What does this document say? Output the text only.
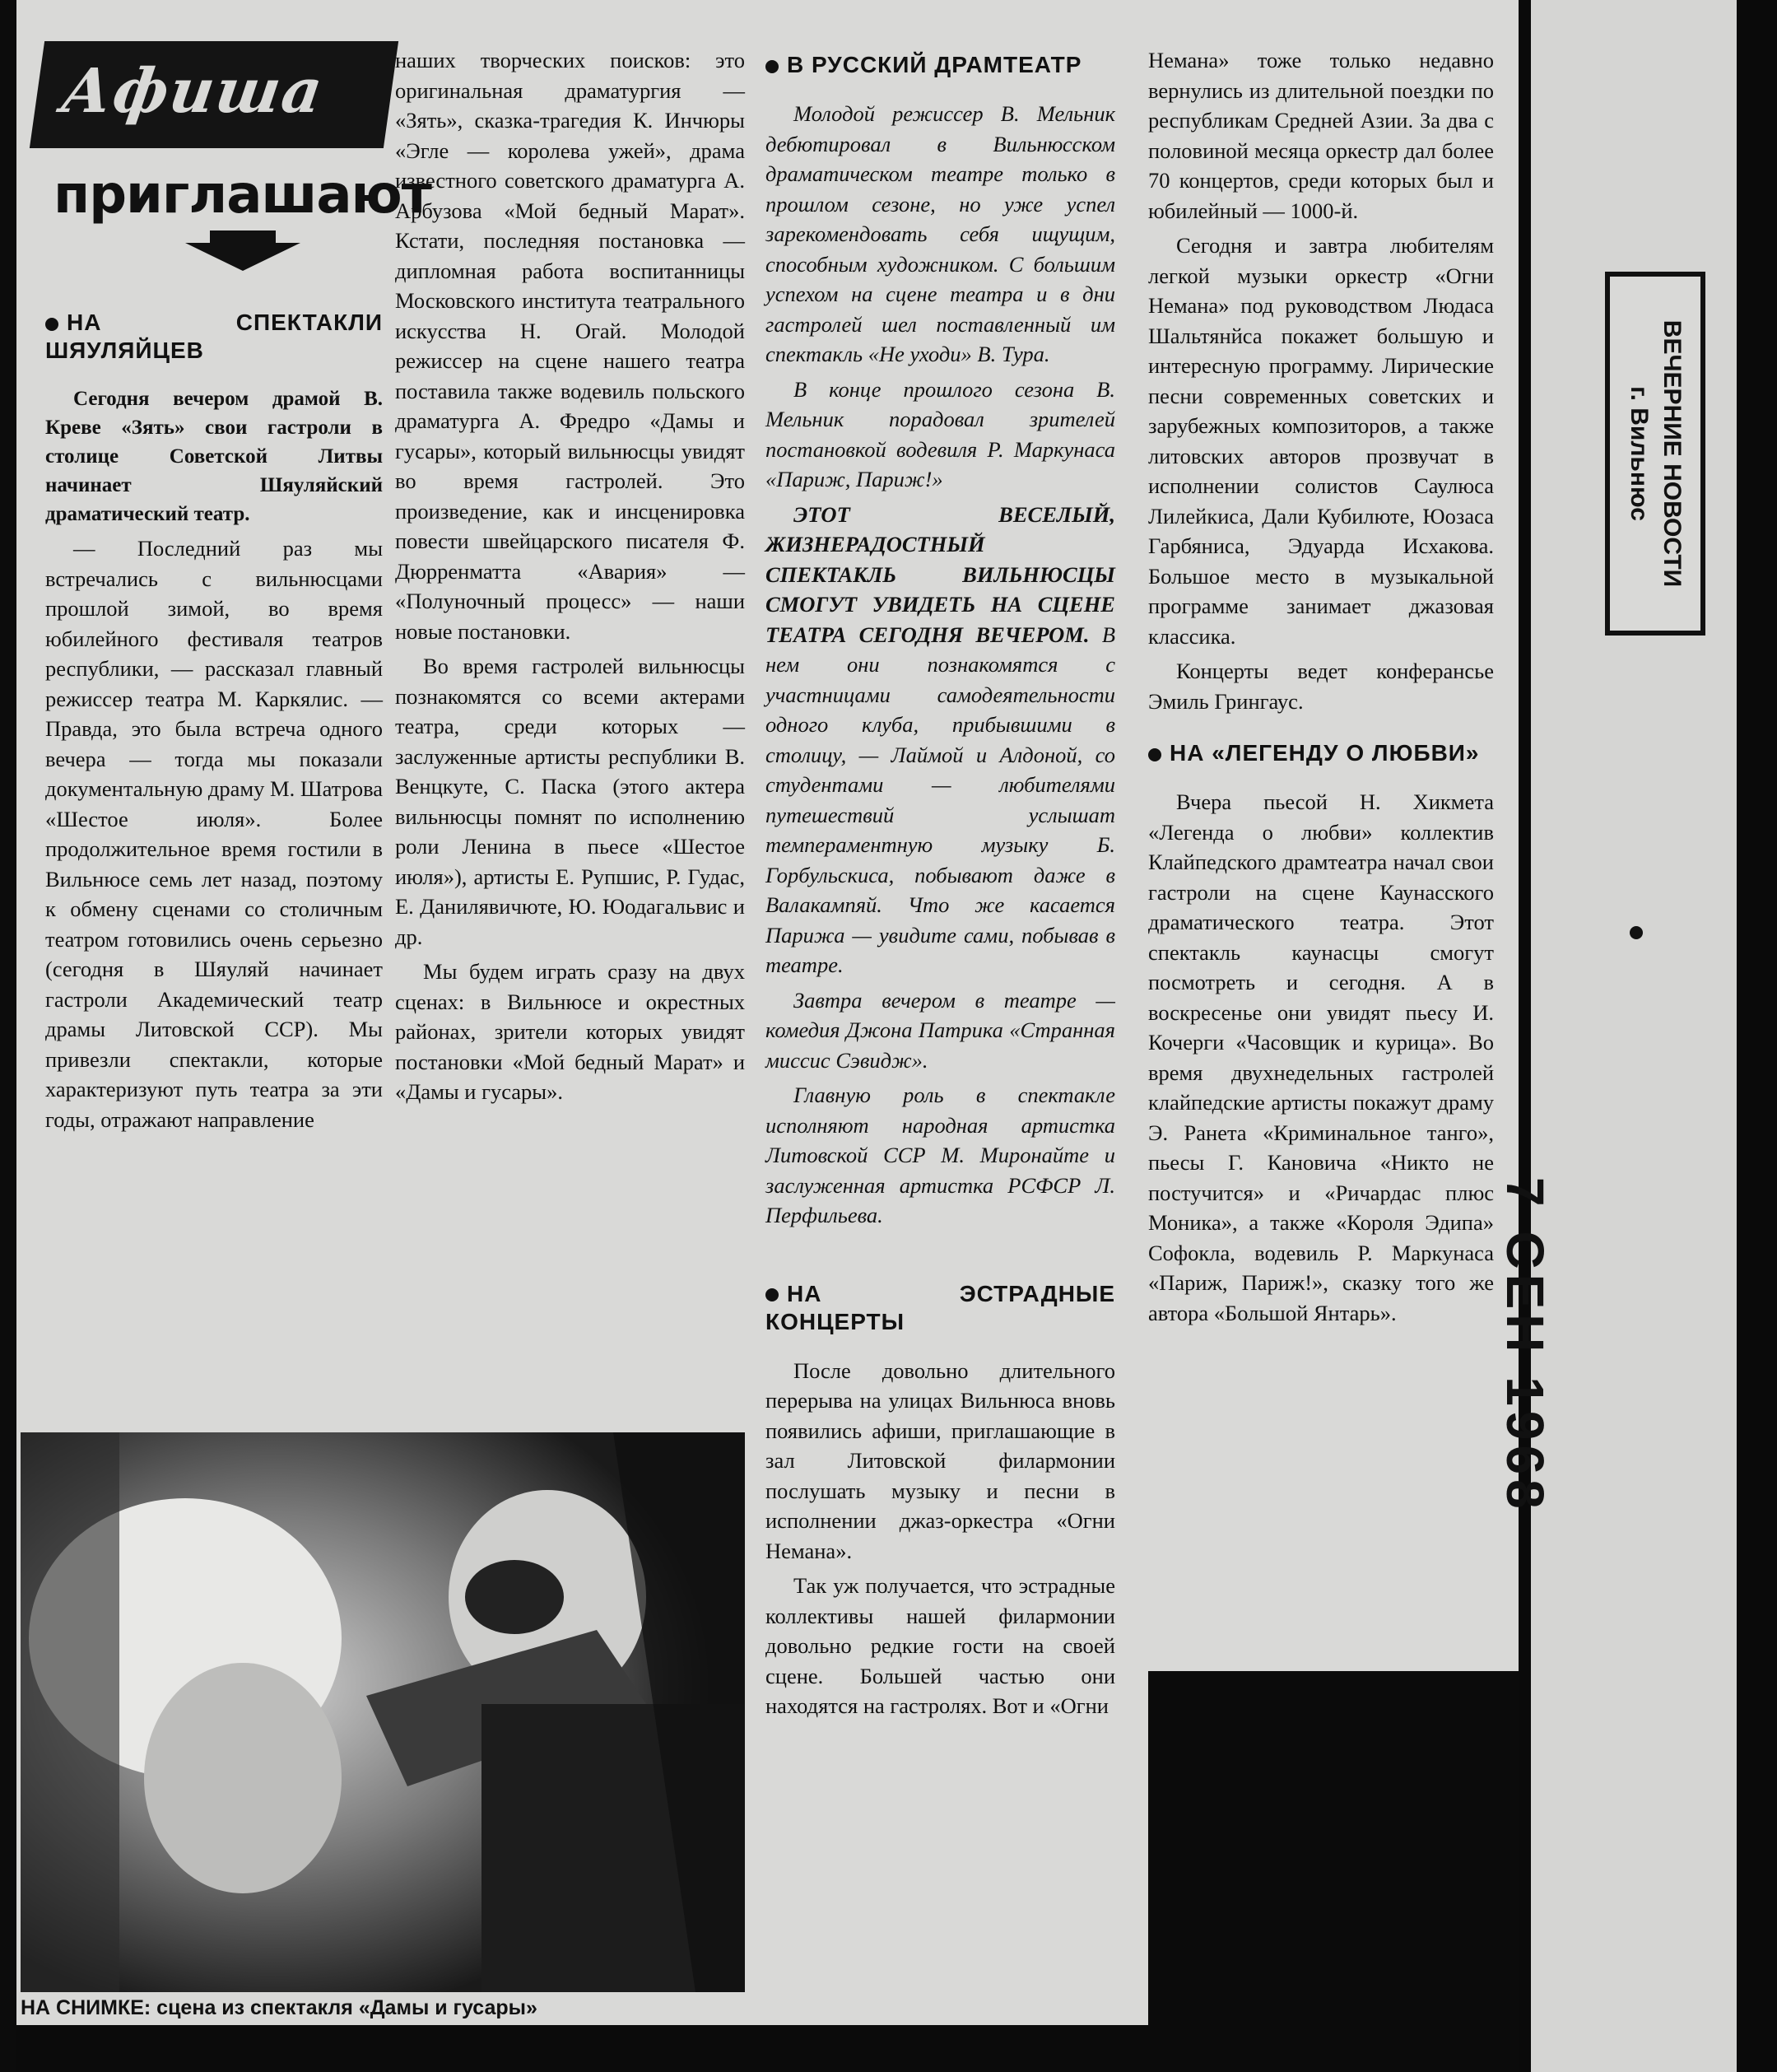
Афиша
приглашают
НА СПЕКТАКЛИ ШЯУЛЯЙЦЕВ

Сегодня вечером драмой В. Креве «Зять» свои гастроли в столице Советской Литвы начинает Шяуляйский драматический театр.

— Последний раз мы встречались с вильнюсцами прошлой зимой, во время юбилейного фестиваля театров республики, — рассказал главный режиссер театра М. Каркялис. — Правда, это была встреча одного вечера — тогда мы показали документальную драму М. Шатрова «Шестое июля». Более продолжительное время гостили в Вильнюсе семь лет назад, поэтому к обмену сценами со столичным театром готовились очень серьезно (сегодня в Шяуляй начинает гастроли Академический театр драмы Литовской ССР). Мы привезли спектакли, которые характеризуют путь театра за эти годы, отражают направление

наших творческих поисков: это оригинальная драматургия — «Зять», сказка-трагедия К. Инчюры «Эгле — королева ужей», драма известного советского драматурга А. Арбузова «Мой бедный Марат». Кстати, последняя постановка — дипломная работа воспитанницы Московского института театрального искусства Н. Огай. Молодой режиссер на сцене нашего театра поставила также водевиль польского драматурга А. Фредро «Дамы и гусары», который вильнюсцы увидят во время гастролей. Это произведение, как и инсценировка повести швейцарского писателя Ф. Дюрренматта «Авария» — «Полуночный процесс» — наши новые постановки.

Во время гастролей вильнюсцы познакомятся со всеми актерами театра, среди которых — заслуженные артисты республики В. Венцкуте, С. Паска (этого актера вильнюсцы помнят по исполнению роли Ленина в пьесе «Шестое июля»), артисты Е. Рупшис, Р. Гудас, Е. Данилявичюте, Ю. Юодагальвис и др.

Мы будем играть сразу на двух сценах: в Вильнюсе и окрестных районах, зрители которых увидят постановки «Мой бедный Марат» и «Дамы и гусары».

В РУССКИЙ ДРАМТЕАТР

Молодой режиссер В. Мельник дебютировал в Вильнюсском драматическом театре только в прошлом сезоне, но уже успел зарекомендовать себя ищущим, способным художником. С большим успехом на сцене театра и в дни гастролей шел поставленный им спектакль «Не уходи» В. Тура.

В конце прошлого сезона В. Мельник порадовал зрителей постановкой водевиля Р. Маркунаса «Париж, Париж!»

ЭТОТ ВЕСЕЛЫЙ, ЖИЗНЕРАДОСТНЫЙ СПЕКТАКЛЬ ВИЛЬНЮСЦЫ СМОГУТ УВИДЕТЬ НА СЦЕНЕ ТЕАТРА СЕГОДНЯ ВЕЧЕРОМ. В нем они познакомятся с участницами самодеятельности одного клуба, прибывшими в столицу, — Лаймой и Алдоной, со студентами — любителями путешествий услышат темпераментную музыку Б. Горбульскиса, побывают даже в Валакампяй. Что же касается Парижа — увидите сами, побывав в театре.

Завтра вечером в театре — комедия Джона Патрика «Странная миссис Сэвидж».

Главную роль в спектакле исполняют народная артистка Литовской ССР М. Миронайте и заслуженная артистка РСФСР Л. Перфильева.

НА ЭСТРАДНЫЕ КОНЦЕРТЫ

После довольно длительного перерыва на улицах Вильнюса вновь появились афиши, приглашающие в зал Литовской филармонии послушать музыку и песни в исполнении джаз-оркестра «Огни Немана».

Так уж получается, что эстрадные коллективы нашей филармонии довольно редкие гости на своей сцене. Большей частью они находятся на гастролях. Вот и «Огни

Немана» тоже только недавно вернулись из длительной поездки по республикам Средней Азии. За два с половиной месяца оркестр дал более 70 концертов, среди которых был и юбилейный — 1000-й.

Сегодня и завтра любителям легкой музыки оркестр «Огни Немана» под руководством Людаса Шальтянйса покажет большую и интересную программу. Лирические песни современных советских и зарубежных композиторов, а также литовских авторов прозвучат в исполнении солистов Саулюса Лилейкиса, Дали Кубилюте, Юозаса Гарбяниса, Эдуарда Исхакова. Большое место в музыкальной программе занимает джазовая классика.

Концерты ведет конферансье Эмиль Грингаус.

НА «ЛЕГЕНДУ О ЛЮБВИ»

Вчера пьесой Н. Хикмета «Легенда о любви» коллектив Клайпедского драмтеатра начал свои гастроли на сцене Каунасского драматического театра. Этот спектакль каунасцы смогут посмотреть и сегодня. А в воскресенье они увидят пьесу И. Кочерги «Часовщик и курица». Во время двухнедельных гастролей клайпедские артисты покажут драму Э. Ранета «Криминальное танго», пьесы Г. Кановича «Никто не постучится» и «Ричардас плюс Моника», а также «Короля Эдипа» Софокла, водевиль Р. Маркунаса «Париж, Париж!», сказку того же автора «Большой Янтарь».

НА СНИМКЕ: сцена из спектакля «Дамы и гусары»
ВЕЧЕРНИЕ НОВОСТИ
г. Вильнюс
7 СЕН 1968
